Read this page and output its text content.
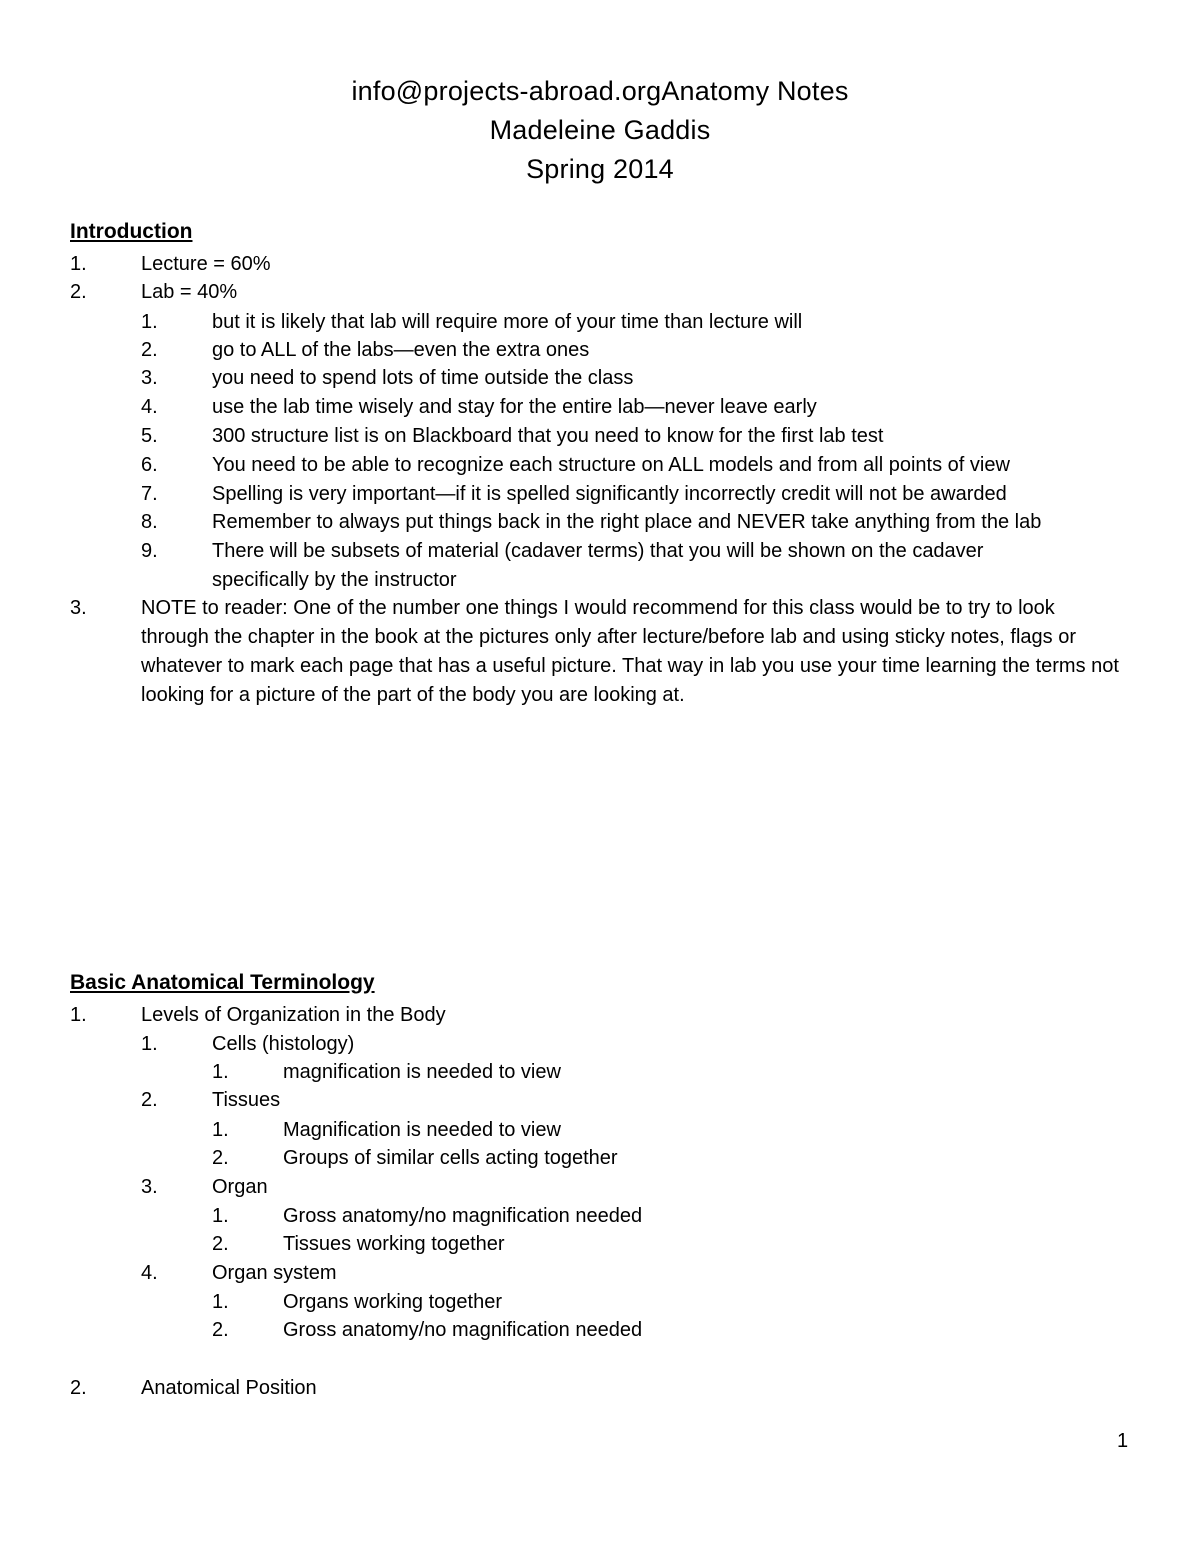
info@projects-abroad.orgAnatomy Notes
Madeleine Gaddis
Spring 2014
Introduction
1.	Lecture = 60%
2.	Lab = 40%
1.	but it is likely that lab will require more of your time than lecture will
2.	go to ALL of the labs—even the extra ones
3.	you need to spend lots of time outside the class
4.	use the lab time wisely and stay for the entire lab—never leave early
5.	300 structure list is on Blackboard that you need to know for the first lab test
6.	You need to be able to recognize each structure on ALL models and from all points of view
7.	Spelling is very important—if it is spelled significantly incorrectly credit will not be awarded
8.	Remember to always put things back in the right place and NEVER take anything from the lab
9.	There will be subsets of material (cadaver terms) that you will be shown on the cadaver specifically by the instructor
3.	NOTE to reader: One of the number one things I would recommend for this class would be to try to look through the chapter in the book at the pictures only after lecture/before lab and using sticky notes, flags or whatever to mark each page that has a useful picture. That way in lab you use your time learning the terms not looking for a picture of the part of the body you are looking at.
Basic Anatomical Terminology
1.	Levels of Organization in the Body
1.	Cells (histology)
1.	magnification is needed to view
2.	Tissues
1.	Magnification is needed to view
2.	Groups of similar cells acting together
3.	Organ
1.	Gross anatomy/no magnification needed
2.	Tissues working together
4.	Organ system
1.	Organs working together
2.	Gross anatomy/no magnification needed
2.	Anatomical Position
1
